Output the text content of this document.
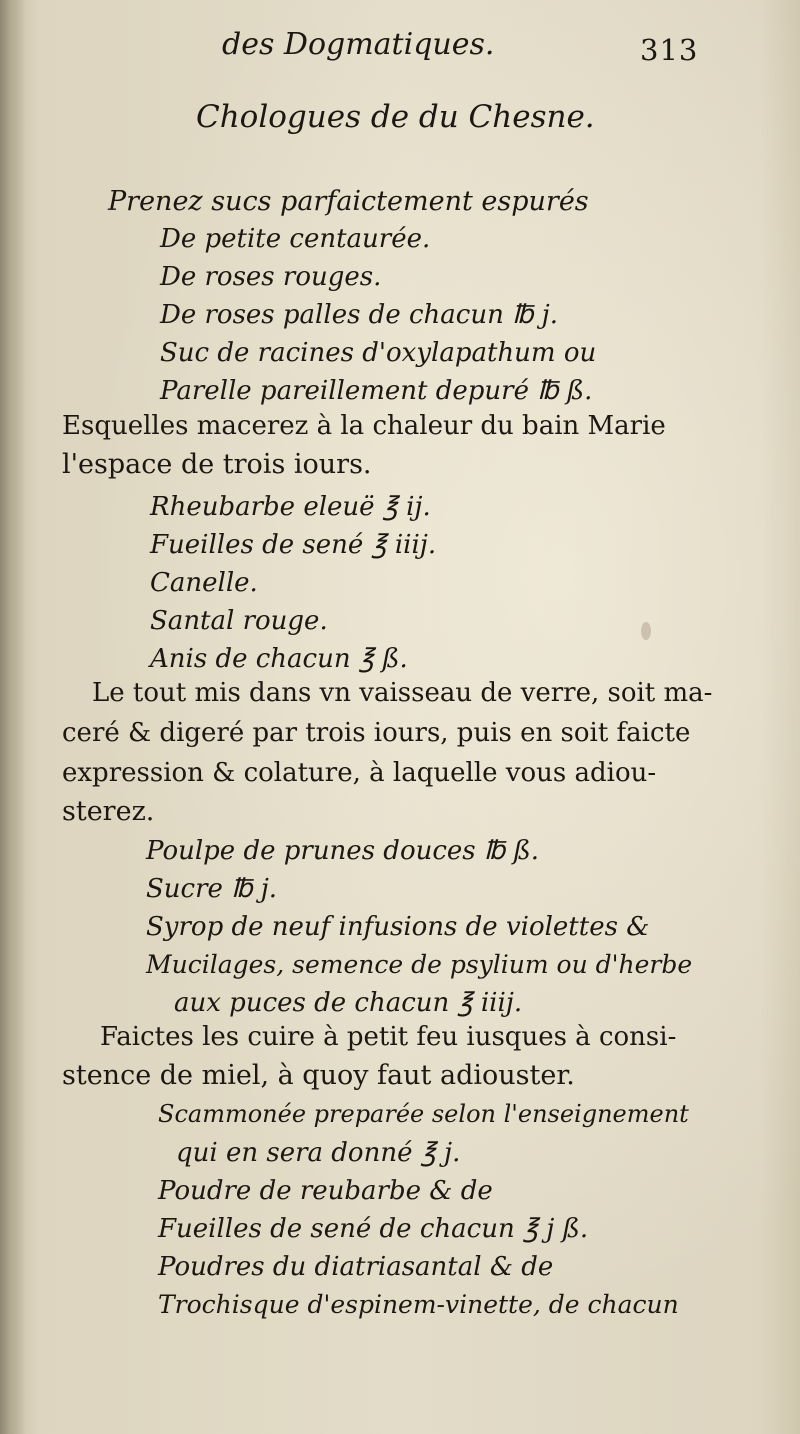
des Dogmatiques.	313
Chologues de du Chesne.
Prenez sucs parfaictement espurés
De petite centaurée.
De roses rouges.
De roses palles de chacun ℔ j.
Suc de racines d'oxylapathum ou
Parelle pareillement depuré ℔ ß.
Esquelles macerez à la chaleur du bain Marie
l'espace de trois iours.
Rheubarbe eleuë ℥ ij.
Fueilles de sené ℥ iiij.
Canelle.
Santal rouge.
Anis de chacun ℥ ß.
Le tout mis dans vn vaisseau de verre, soit ma-
ceré & digeré par trois iours, puis en soit faicte
expression & colature, à laquelle vous adiou-
sterez.
Poulpe de prunes douces ℔ ß.
Sucre ℔ j.
Syrop de neuf infusions de violettes &
Mucilages, semence de psylium ou d'herbe
aux puces de chacun ℥ iiij.
Faictes les cuire à petit feu iusques à consi-
stence de miel, à quoy faut adiouster.
Scammonée preparée selon l'enseignement
qui en sera donné ℥ j.
Poudre de reubarbe & de
Fueilles de sené de chacun ℥ j ß.
Poudres du diatriasantal & de
Trochisque d'espinem-vinette, de chacun
